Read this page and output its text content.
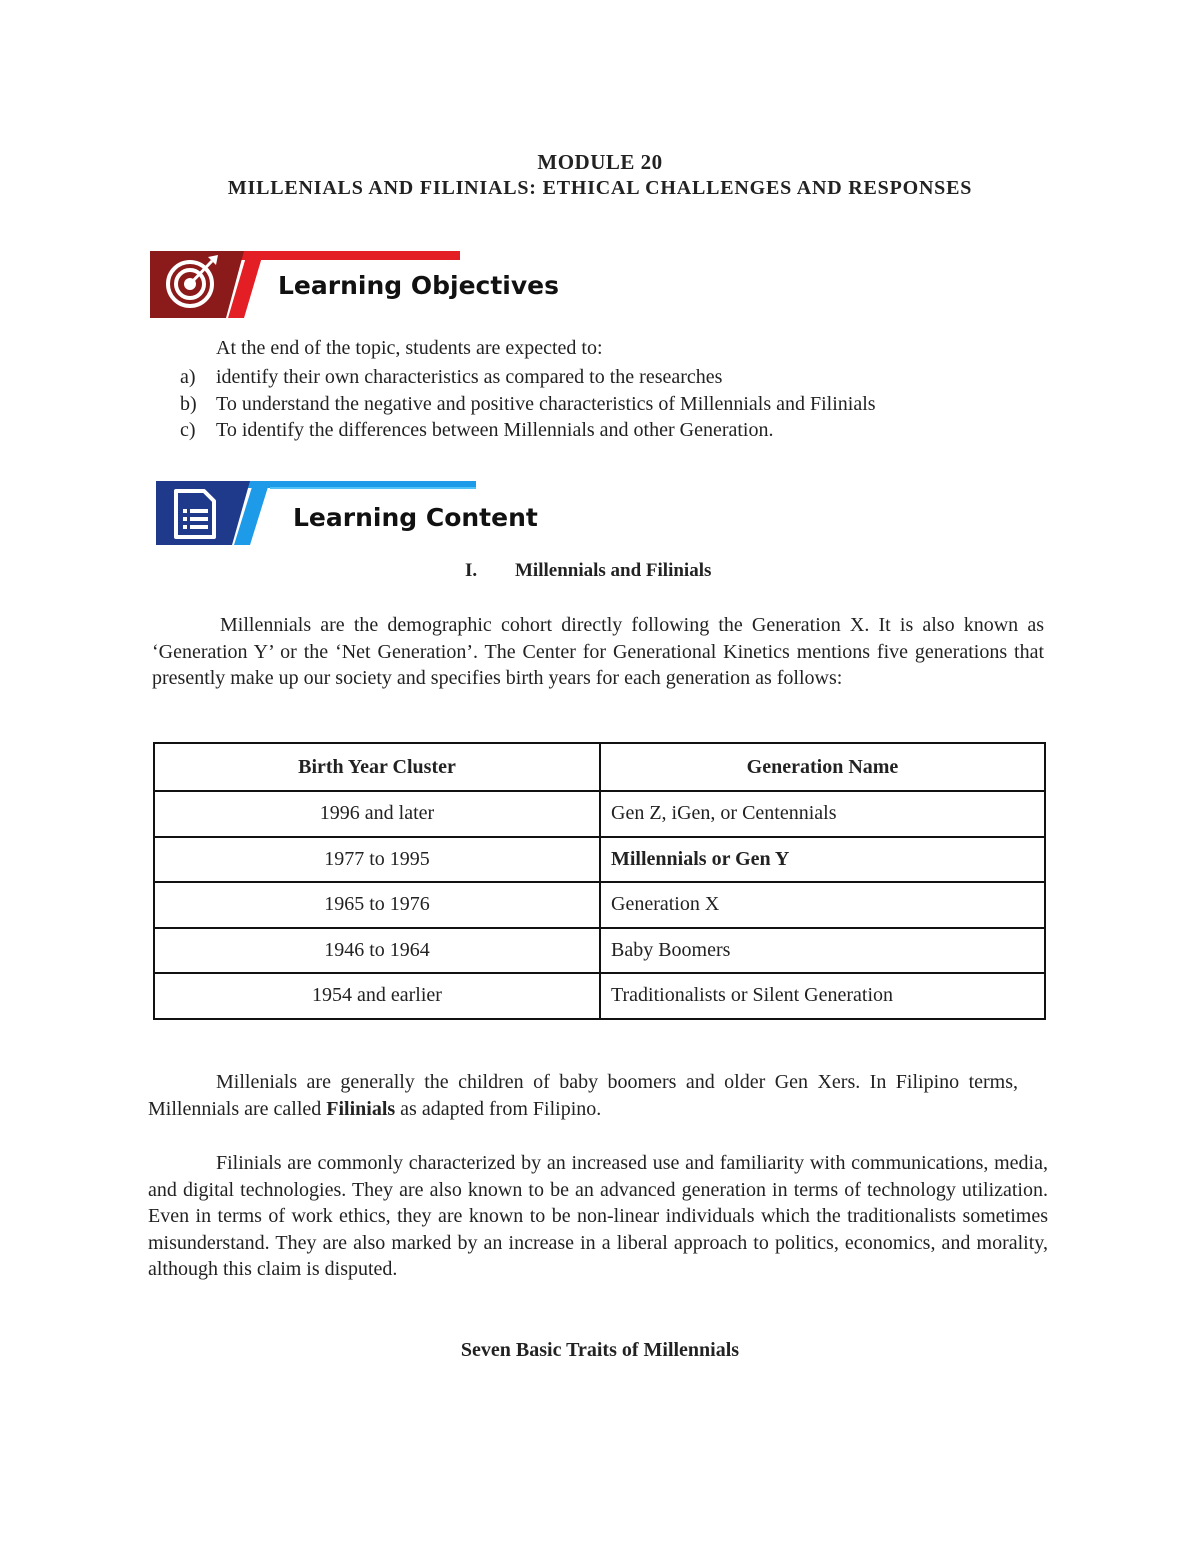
MODULE 20
MILLENIALS AND FILINIALS: ETHICAL CHALLENGES AND RESPONSES
Learning Objectives
At the end of the topic, students are expected to:
a) identify their own characteristics as compared to the researches
b) To understand the negative and positive characteristics of Millennials and Filinials
c) To identify the differences between Millennials and other Generation.
Learning Content
I. Millennials and Filinials

Millennials are the demographic cohort directly following the Generation X. It is also known as ‘Generation Y’ or the ‘Net Generation’. The Center for Generational Kinetics mentions five generations that presently make up our society and specifies birth years for each generation as follows:

Birth Year Cluster	Generation Name
1996 and later	Gen Z, iGen, or Centennials
1977 to 1995	Millennials or Gen Y
1965 to 1976	Generation X
1946 to 1964	Baby Boomers
1954 and earlier	Traditionalists or Silent Generation

Millenials are generally the children of baby boomers and older Gen Xers. In Filipino terms, Millennials are called Filinials as adapted from Filipino.

Filinials are commonly characterized by an increased use and familiarity with communications, media, and digital technologies. They are also known to be an advanced generation in terms of technology utilization. Even in terms of work ethics, they are known to be non-linear individuals which the traditionalists sometimes misunderstand. They are also marked by an increase in a liberal approach to politics, economics, and morality, although this claim is disputed.

Seven Basic Traits of Millennials
